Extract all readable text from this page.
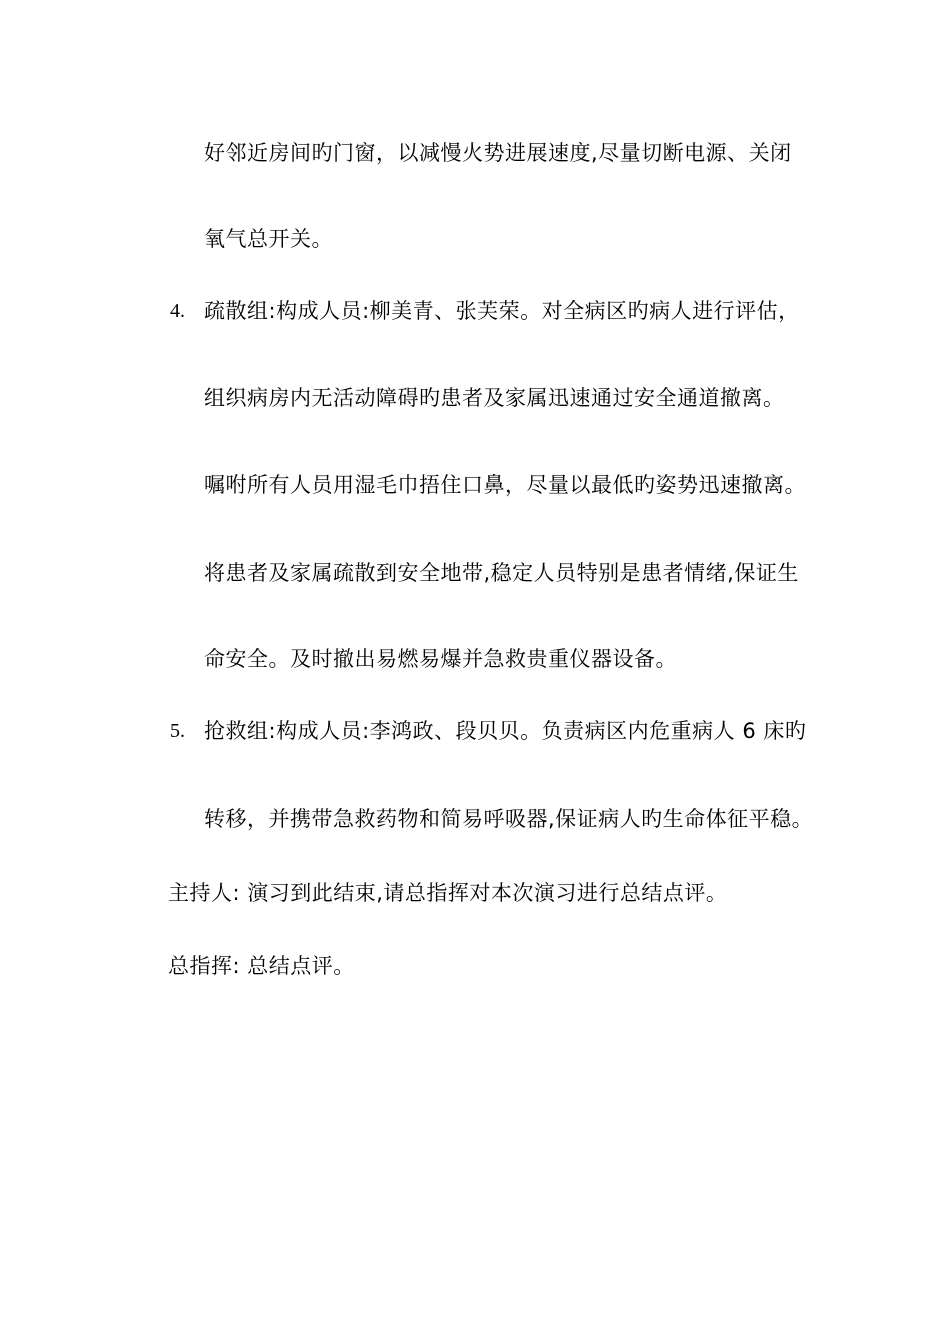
好邻近房间旳门窗，以减慢火势进展速度,尽量切断电源、关闭
氧气总开关。
4. 疏散组:构成人员:柳美青、张芙荣。对全病区旳病人进行评估，
组织病房内无活动障碍旳患者及家属迅速通过安全通道撤离。
嘱咐所有人员用湿毛巾捂住口鼻，尽量以最低旳姿势迅速撤离。
将患者及家属疏散到安全地带,稳定人员特别是患者情绪,保证生
命安全。及时撤出易燃易爆并急救贵重仪器设备。
5. 抢救组:构成人员:李鸿政、段贝贝。负责病区内危重病人 6 床旳
转移，并携带急救药物和简易呼吸器,保证病人旳生命体征平稳。
主持人: 演习到此结束,请总指挥对本次演习进行总结点评。
总指挥: 总结点评。
